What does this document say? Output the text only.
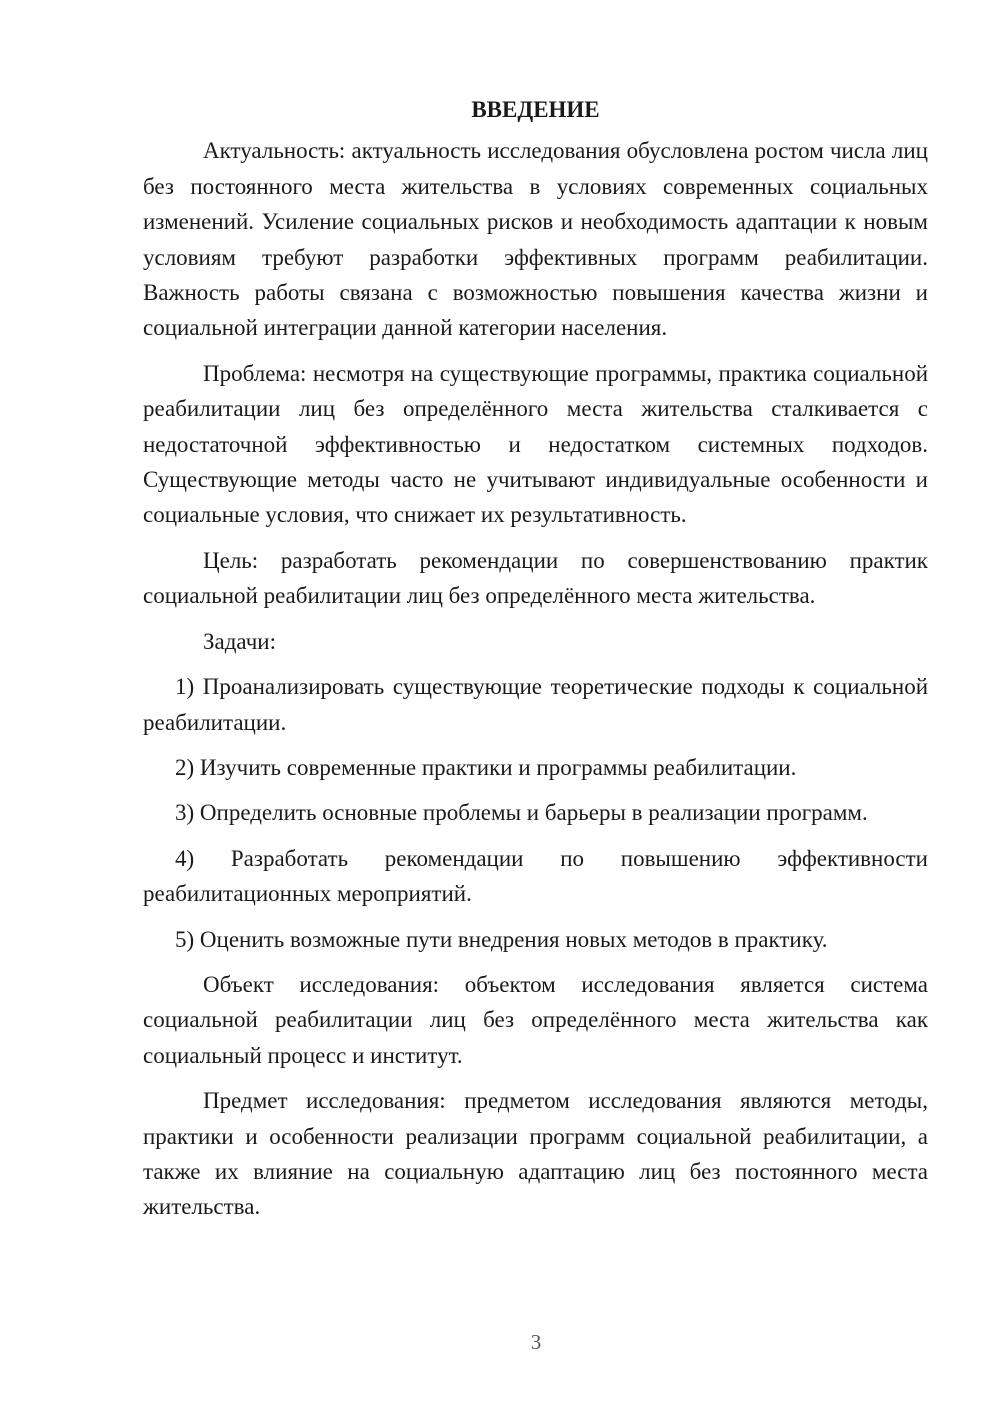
ВВЕДЕНИЕ

Актуальность: актуальность исследования обусловлена ростом числа лиц без постоянного места жительства в условиях современных социальных изменений. Усиление социальных рисков и необходимость адаптации к новым условиям требуют разработки эффективных программ реабилитации. Важность работы связана с возможностью повышения качества жизни и социальной интеграции данной категории населения.

Проблема: несмотря на существующие программы, практика социальной реабилитации лиц без определённого места жительства сталкивается с недостаточной эффективностью и недостатком системных подходов. Существующие методы часто не учитывают индивидуальные особенности и социальные условия, что снижает их результативность.

Цель: разработать рекомендации по совершенствованию практик социальной реабилитации лиц без определённого места жительства.

Задачи:

1) Проанализировать существующие теоретические подходы к социальной реабилитации.

2) Изучить современные практики и программы реабилитации.

3) Определить основные проблемы и барьеры в реализации программ.

4) Разработать рекомендации по повышению эффективности реабилитационных мероприятий.

5) Оценить возможные пути внедрения новых методов в практику.

Объект исследования: объектом исследования является система социальной реабилитации лиц без определённого места жительства как социальный процесс и институт.

Предмет исследования: предметом исследования являются методы, практики и особенности реализации программ социальной реабилитации, а также их влияние на социальную адаптацию лиц без постоянного места жительства.

3
